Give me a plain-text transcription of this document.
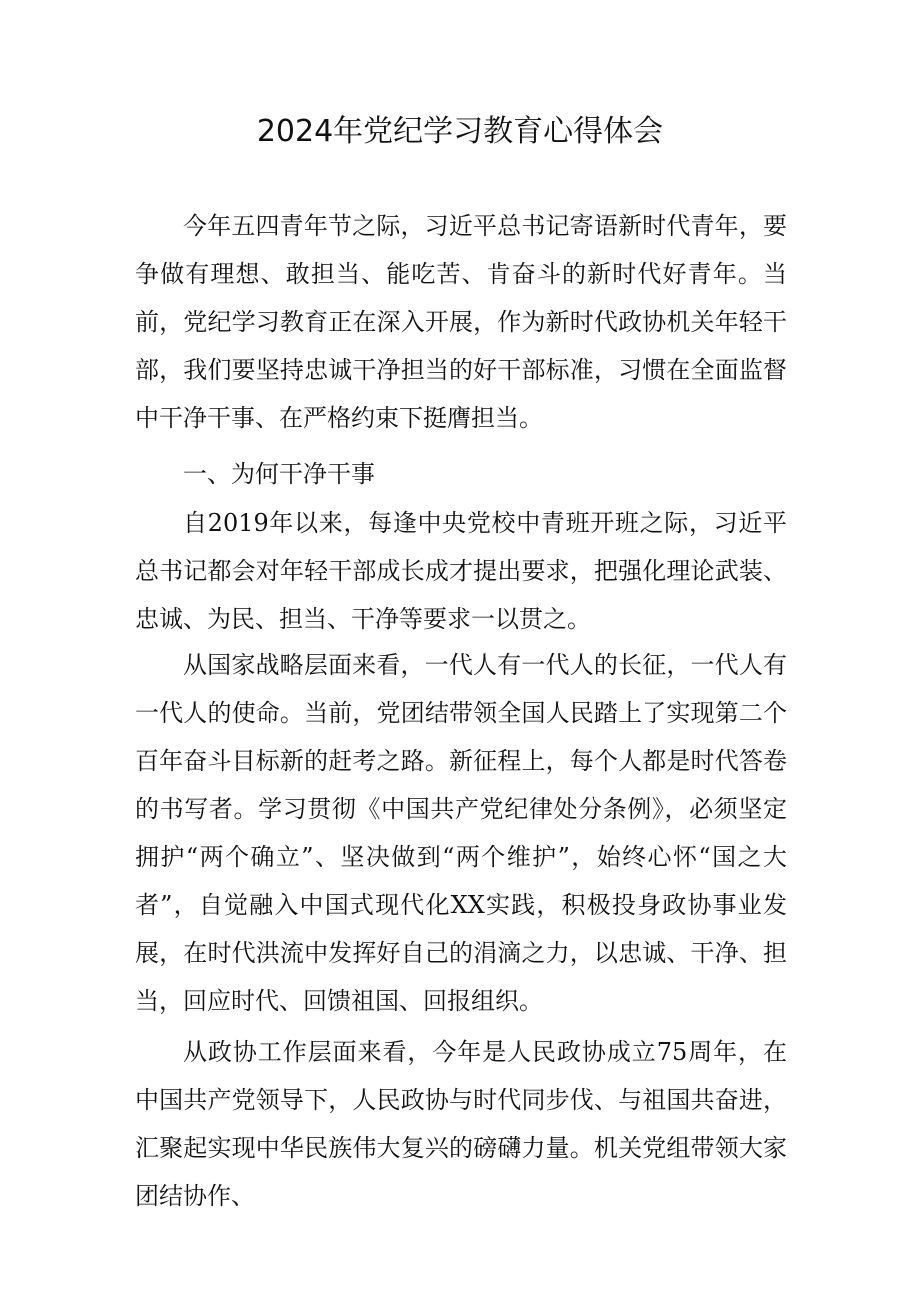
2024年党纪学习教育心得体会

今年五四青年节之际，习近平总书记寄语新时代青年，要争做有理想、敢担当、能吃苦、肯奋斗的新时代好青年。当前，党纪学习教育正在深入开展，作为新时代政协机关年轻干部，我们要坚持忠诚干净担当的好干部标准，习惯在全面监督中干净干事、在严格约束下挺膺担当。

一、为何干净干事

自2019年以来，每逢中央党校中青班开班之际，习近平总书记都会对年轻干部成长成才提出要求，把强化理论武装、忠诚、为民、担当、干净等要求一以贯之。

从国家战略层面来看，一代人有一代人的长征，一代人有一代人的使命。当前，党团结带领全国人民踏上了实现第二个百年奋斗目标新的赶考之路。新征程上，每个人都是时代答卷的书写者。学习贯彻《中国共产党纪律处分条例》，必须坚定拥护“两个确立”、坚决做到“两个维护”，始终心怀“国之大者”，自觉融入中国式现代化XX实践，积极投身政协事业发展，在时代洪流中发挥好自己的涓滴之力，以忠诚、干净、担当，回应时代、回馈祖国、回报组织。

从政协工作层面来看，今年是人民政协成立75周年，在中国共产党领导下，人民政协与时代同步伐、与祖国共奋进，汇聚起实现中华民族伟大复兴的磅礴力量。机关党组带领大家团结协作、
